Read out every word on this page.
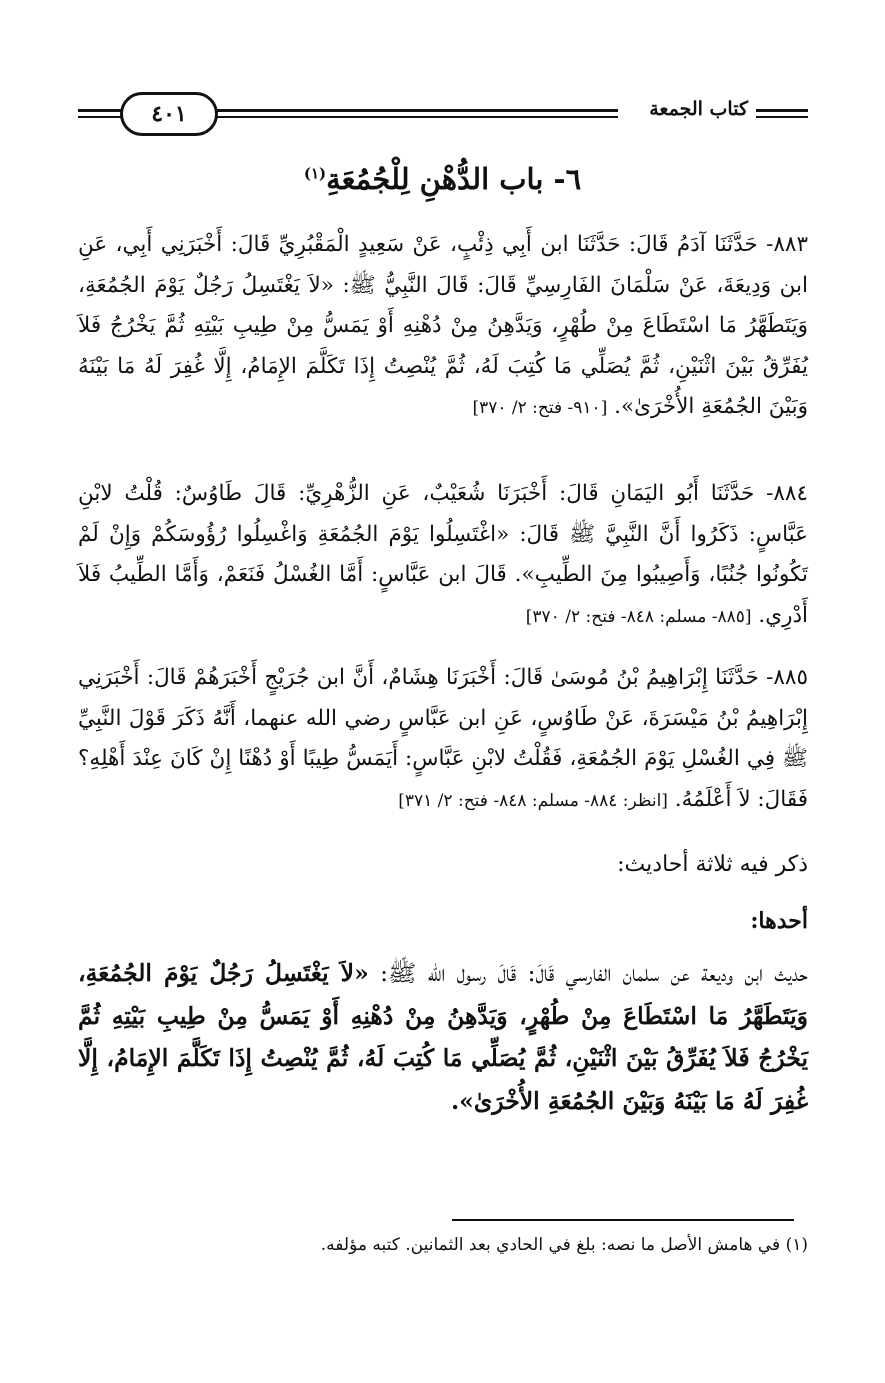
٤٠١	كتاب الجمعة
٦- باب الدُّهْنِ لِلْجُمُعَةِ$^{(١)}$
٨٨٣- حَدَّثَنَا آدَمُ قَالَ: حَدَّثَنَا ابن أَبِي ذِئْبٍ، عَنْ سَعِيدٍ الْمَقْبُرِيِّ قَالَ: أَخْبَرَنِي أَبِي، عَنِ ابن وَدِيعَةَ، عَنْ سَلْمَانَ الفَارِسِيِّ قَالَ: قَالَ النَّبِيُّ ﷺ: «لاَ يَغْتَسِلُ رَجُلٌ يَوْمَ الجُمُعَةِ، وَيَتَطَهَّرُ مَا اسْتَطَاعَ مِنْ طُهْرٍ، وَيَدَّهِنُ مِنْ دُهْنِهِ أَوْ يَمَسُّ مِنْ طِيبِ بَيْتِهِ ثُمَّ يَخْرُجُ فَلاَ يُفَرِّقُ بَيْنَ اثْنَيْنِ، ثُمَّ يُصَلِّي مَا كُتِبَ لَهُ، ثُمَّ يُنْصِتُ إِذَا تَكَلَّمَ الإِمَامُ، إِلَّا غُفِرَ لَهُ مَا بَيْنَهُ وَبَيْنَ الجُمُعَةِ الأُخْرَىٰ». [٩١٠- فتح: ٢/ ٣٧٠]
٨٨٤- حَدَّثَنَا أَبُو اليَمَانِ قَالَ: أَخْبَرَنَا شُعَيْبٌ، عَنِ الزُّهْرِيِّ: قَالَ طَاوُسٌ: قُلْتُ لابْنِ عَبَّاسٍ: ذَكَرُوا أَنَّ النَّبِيَّ ﷺ قَالَ: «اغْتَسِلُوا يَوْمَ الجُمُعَةِ وَاغْسِلُوا رُؤُوسَكُمْ وَإِنْ لَمْ تَكُونُوا جُنُبًا، وَأَصِيبُوا مِنَ الطِّيبِ». قَالَ ابن عَبَّاسٍ: أَمَّا الغُسْلُ فَنَعَمْ، وَأَمَّا الطِّيبُ فَلاَ أَدْرِي. [٨٨٥- مسلم: ٨٤٨- فتح: ٢/ ٣٧٠]
٨٨٥- حَدَّثَنَا إِبْرَاهِيمُ بْنُ مُوسَىٰ قَالَ: أَخْبَرَنَا هِشَامٌ، أَنَّ ابن جُرَيْجٍ أَخْبَرَهُمْ قَالَ: أَخْبَرَنِي إِبْرَاهِيمُ بْنُ مَيْسَرَةَ، عَنْ طَاوُسٍ، عَنِ ابن عَبَّاسٍ رضي الله عنهما، أَنَّهُ ذَكَرَ قَوْلَ النَّبِيِّ ﷺ فِي الغُسْلِ يَوْمَ الجُمُعَةِ، فَقُلْتُ لابْنِ عَبَّاسٍ: أَيَمَسُّ طِيبًا أَوْ دُهْنًا إِنْ كَانَ عِنْدَ أَهْلِهِ؟ فَقَالَ: لاَ أَعْلَمُهُ. [انظر: ٨٨٤- مسلم: ٨٤٨- فتح: ٢/ ٣٧١]
ذكر فيه ثلاثة أحاديث:
أحدها:
حديث ابن وديعة عن سلمان الفارسي قَالَ: قَالَ رسول الله ﷺ: «لاَ يَغْتَسِلُ رَجُلٌ يَوْمَ الجُمُعَةِ، وَيَتَطَهَّرُ مَا اسْتَطَاعَ مِنْ طُهْرٍ، وَيَدَّهِنُ مِنْ دُهْنِهِ أَوْ يَمَسُّ مِنْ طِيبِ بَيْتِهِ ثُمَّ يَخْرُجُ فَلاَ يُفَرِّقُ بَيْنَ اثْنَيْنِ، ثُمَّ يُصَلِّي مَا كُتِبَ لَهُ، ثُمَّ يُنْصِتُ إِذَا تَكَلَّمَ الإِمَامُ، إِلَّا غُفِرَ لَهُ مَا بَيْنَهُ وَبَيْنَ الجُمُعَةِ الأُخْرَىٰ».
(١) في هامش الأصل ما نصه: بلغ في الحادي بعد الثمانين. كتبه مؤلفه.
